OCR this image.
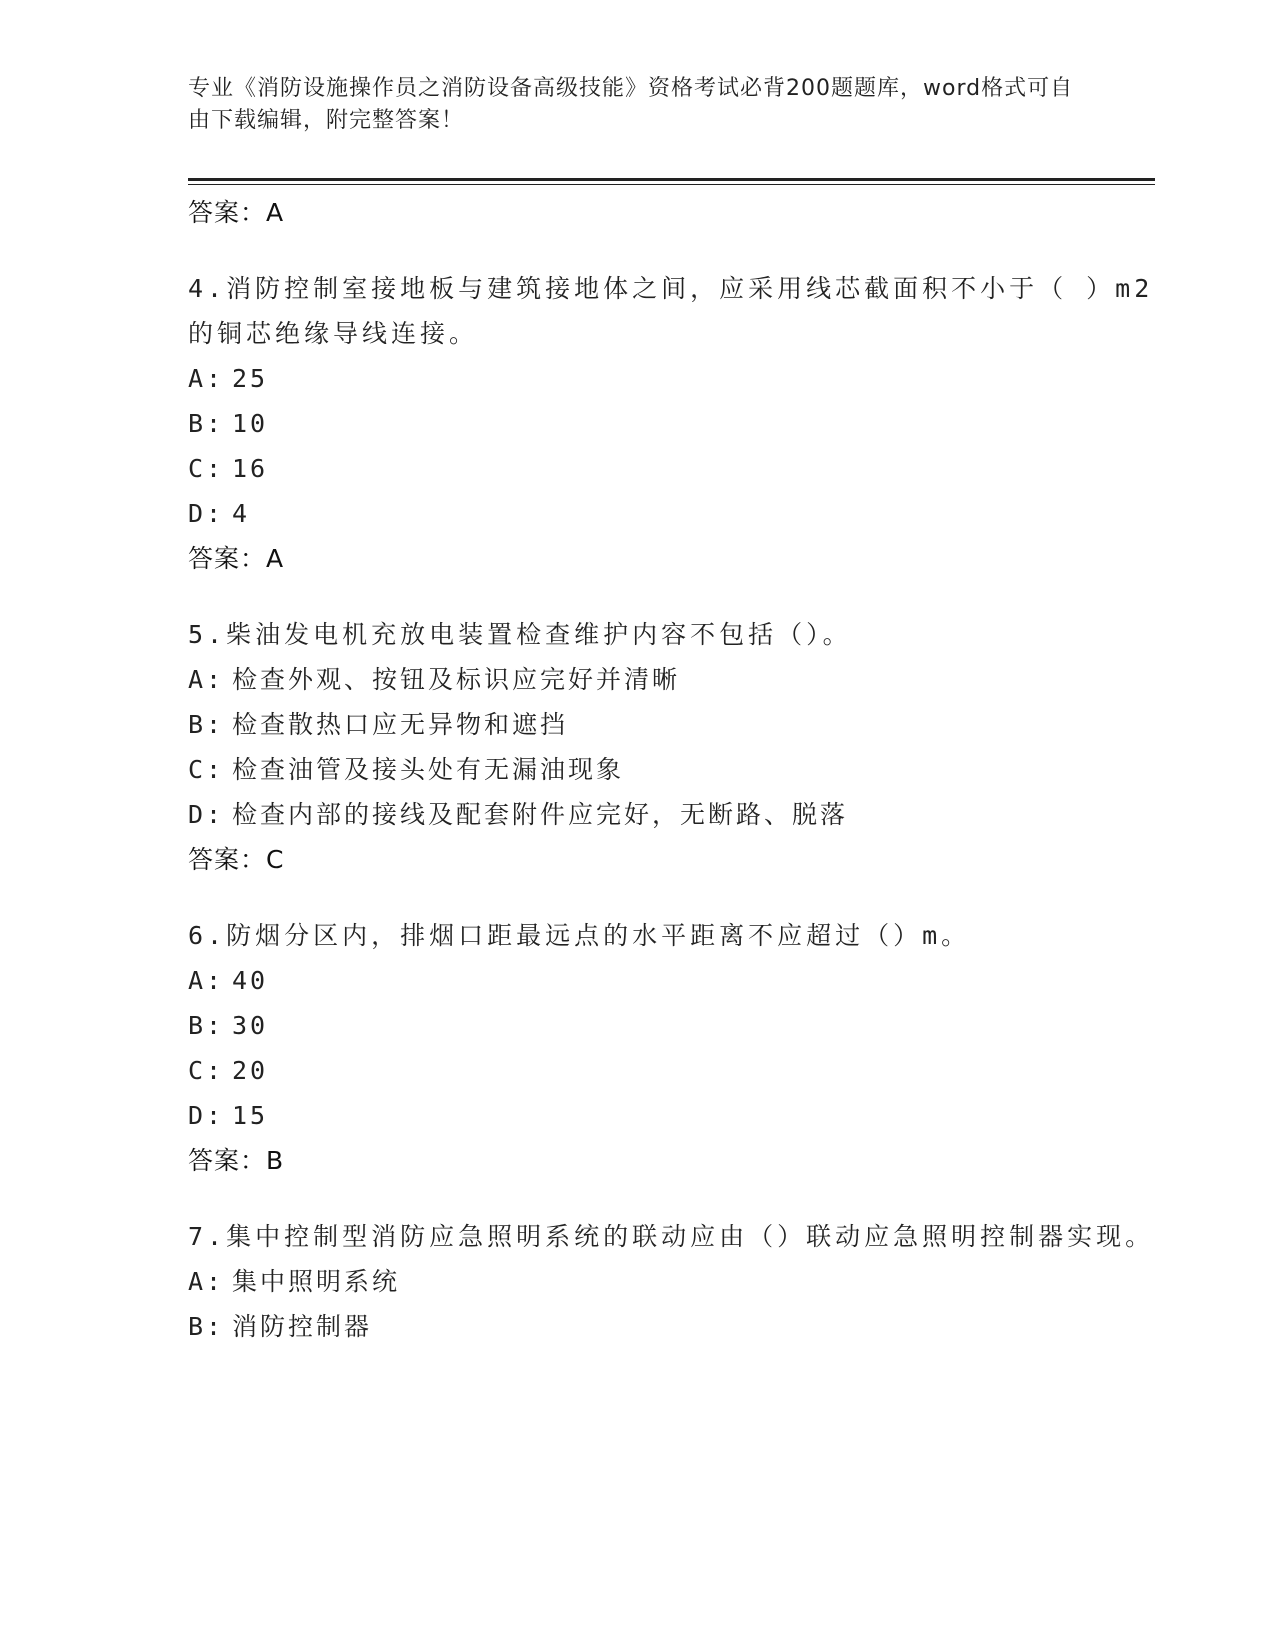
专业《消防设施操作员之消防设备高级技能》资格考试必背200题题库，word格式可自由下载编辑，附完整答案！
答案：A
4.消防控制室接地板与建筑接地体之间，应采用线芯截面积不小于（ ）m2的铜芯绝缘导线连接。
A: 25
B: 10
C: 16
D: 4
答案：A
5.柴油发电机充放电装置检查维护内容不包括（）。
A: 检查外观、按钮及标识应完好并清晰
B: 检查散热口应无异物和遮挡
C: 检查油管及接头处有无漏油现象
D: 检查内部的接线及配套附件应完好，无断路、脱落
答案：C
6.防烟分区内，排烟口距最远点的水平距离不应超过（）m。
A: 40
B: 30
C: 20
D: 15
答案：B
7.集中控制型消防应急照明系统的联动应由（）联动应急照明控制器实现。
A: 集中照明系统
B: 消防控制器
